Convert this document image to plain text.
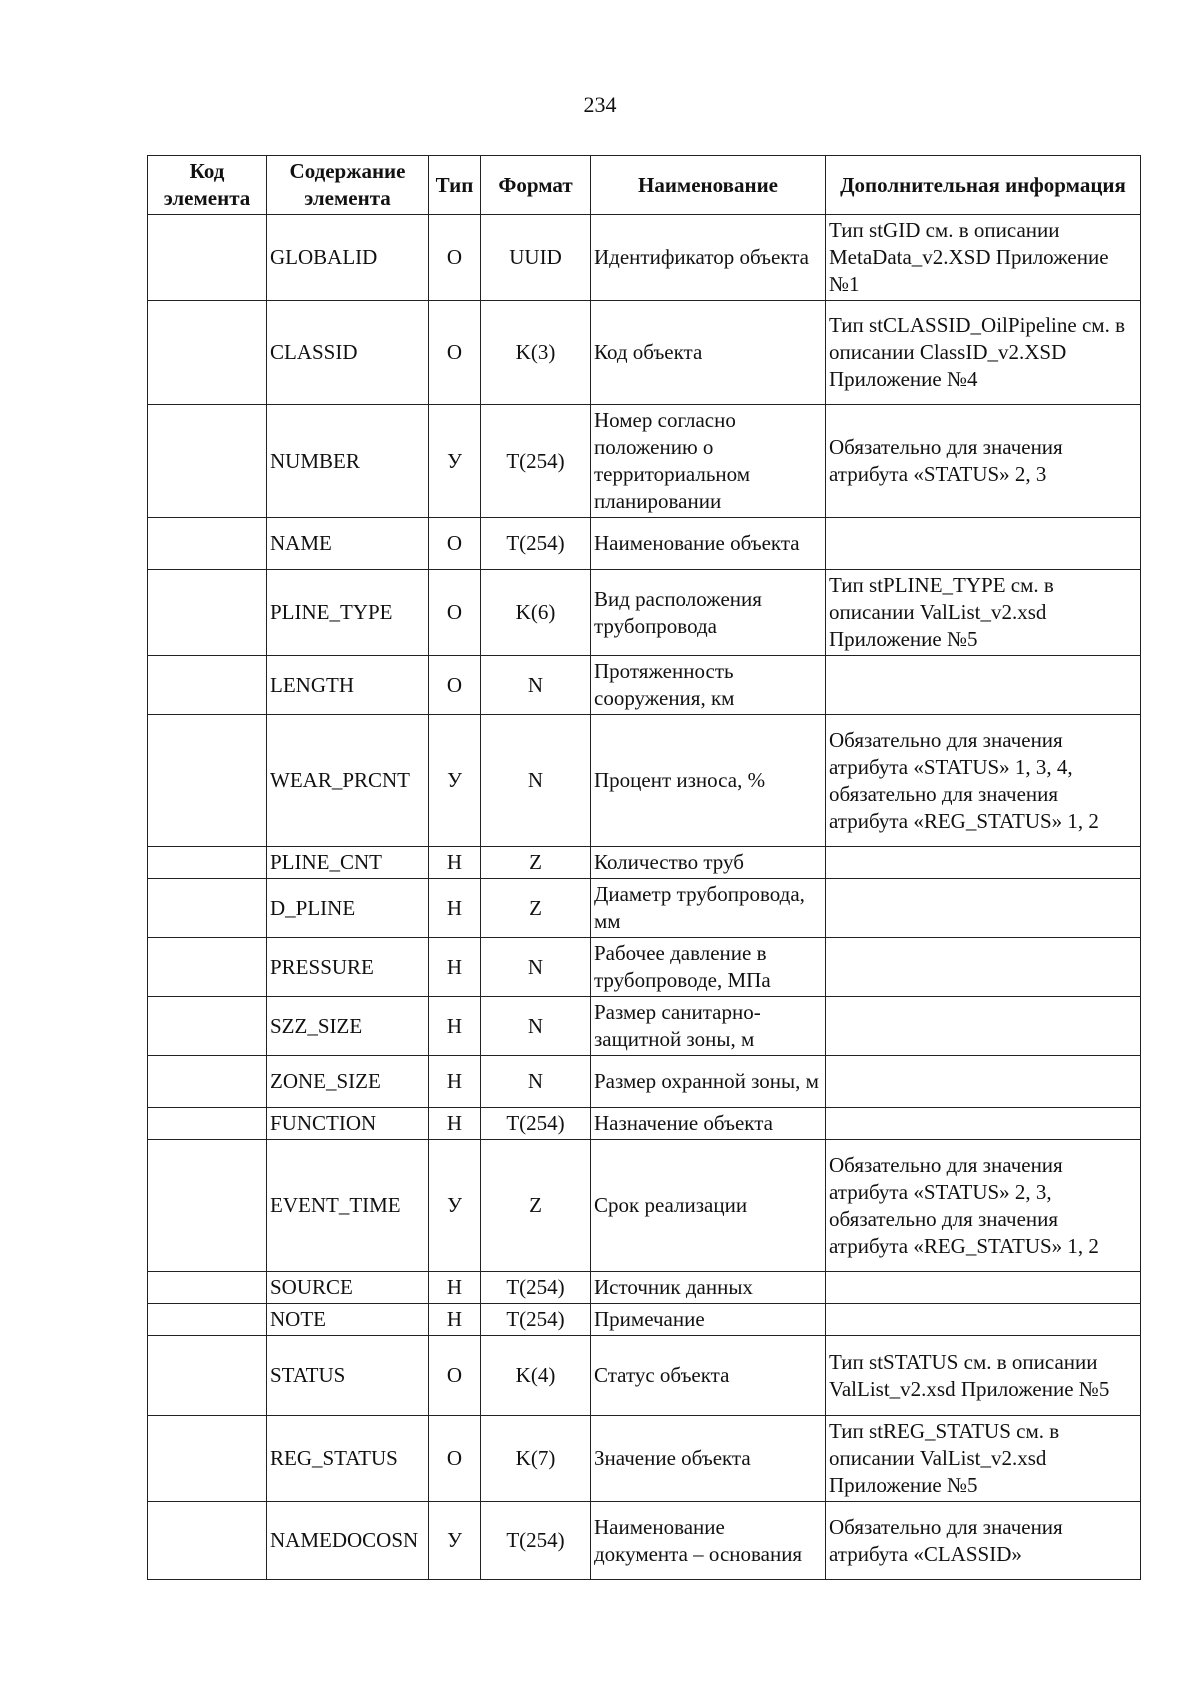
234
Код элемента	Содержание элемента	Тип	Формат	Наименование	Дополнительная информация
	GLOBALID	О	UUID	Идентификатор объекта	Тип stGID см. в описании MetaData_v2.XSD Приложение №1
	CLASSID	О	K(3)	Код объекта	Тип stCLASSID_OilPipeline см. в описании ClassID_v2.XSD Приложение №4
	NUMBER	У	T(254)	Номер согласно положению о территориальном планировании	Обязательно для значения атрибута «STATUS» 2, 3
	NAME	О	T(254)	Наименование объекта	
	PLINE_TYPE	О	K(6)	Вид расположения трубопровода	Тип stPLINE_TYPE см. в описании ValList_v2.xsd Приложение №5
	LENGTH	О	N	Протяженность сооружения, км	
	WEAR_PRCNT	У	N	Процент износа, %	Обязательно для значения атрибута «STATUS» 1, 3, 4, обязательно для значения атрибута «REG_STATUS» 1, 2
	PLINE_CNT	Н	Z	Количество труб	
	D_PLINE	Н	Z	Диаметр трубопровода, мм	
	PRESSURE	Н	N	Рабочее давление в трубопроводе, МПа	
	SZZ_SIZE	Н	N	Размер санитарно-защитной зоны, м	
	ZONE_SIZE	Н	N	Размер охранной зоны, м	
	FUNCTION	Н	T(254)	Назначение объекта	
	EVENT_TIME	У	Z	Срок реализации	Обязательно для значения атрибута «STATUS» 2, 3, обязательно для значения атрибута «REG_STATUS» 1, 2
	SOURCE	Н	T(254)	Источник данных	
	NOTE	Н	T(254)	Примечание	
	STATUS	О	K(4)	Статус объекта	Тип stSTATUS см. в описании ValList_v2.xsd Приложение №5
	REG_STATUS	О	K(7)	Значение объекта	Тип stREG_STATUS см. в описании ValList_v2.xsd Приложение №5
	NAMEDOCOSN	У	T(254)	Наименование документа – основания	Обязательно для значения атрибута «CLASSID»
